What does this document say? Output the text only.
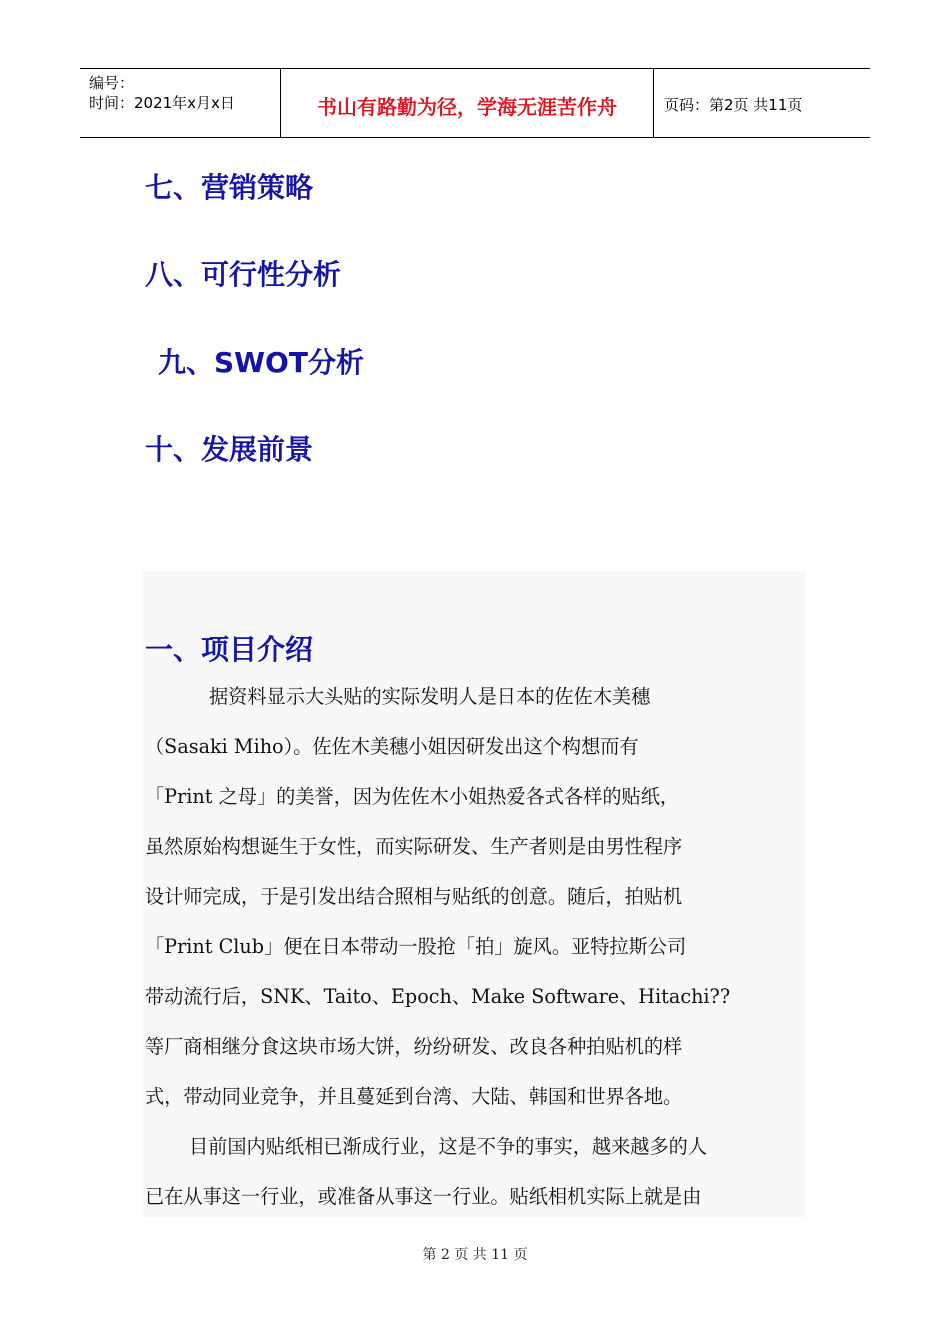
编号：
时间：2021年x月x日	书山有路勤为径，学海无涯苦作舟	页码：第2页 共11页
七、营销策略
八、可行性分析
九、SWOT分析
十、发展前景
一、项目介绍

据资料显示大头贴的实际发明人是日本的佐佐木美穗
（Sasaki Miho）。佐佐木美穗小姐因研发出这个构想而有
「Print 之母」的美誉，因为佐佐木小姐热爱各式各样的贴纸，
虽然原始构想诞生于女性，而实际研发、生产者则是由男性程序
设计师完成，于是引发出结合照相与贴纸的创意。随后，拍贴机
「Print Club」便在日本带动一股抢「拍」旋风。亚特拉斯公司
带动流行后，SNK、Taito、Epoch、Make Software、Hitachi??
等厂商相继分食这块市场大饼，纷纷研发、改良各种拍贴机的样
式，带动同业竞争，并且蔓延到台湾、大陆、韩国和世界各地。

目前国内贴纸相已渐成行业，这是不争的事实，越来越多的人
已在从事这一行业，或准备从事这一行业。贴纸相机实际上就是由

第 2 页 共 11 页
